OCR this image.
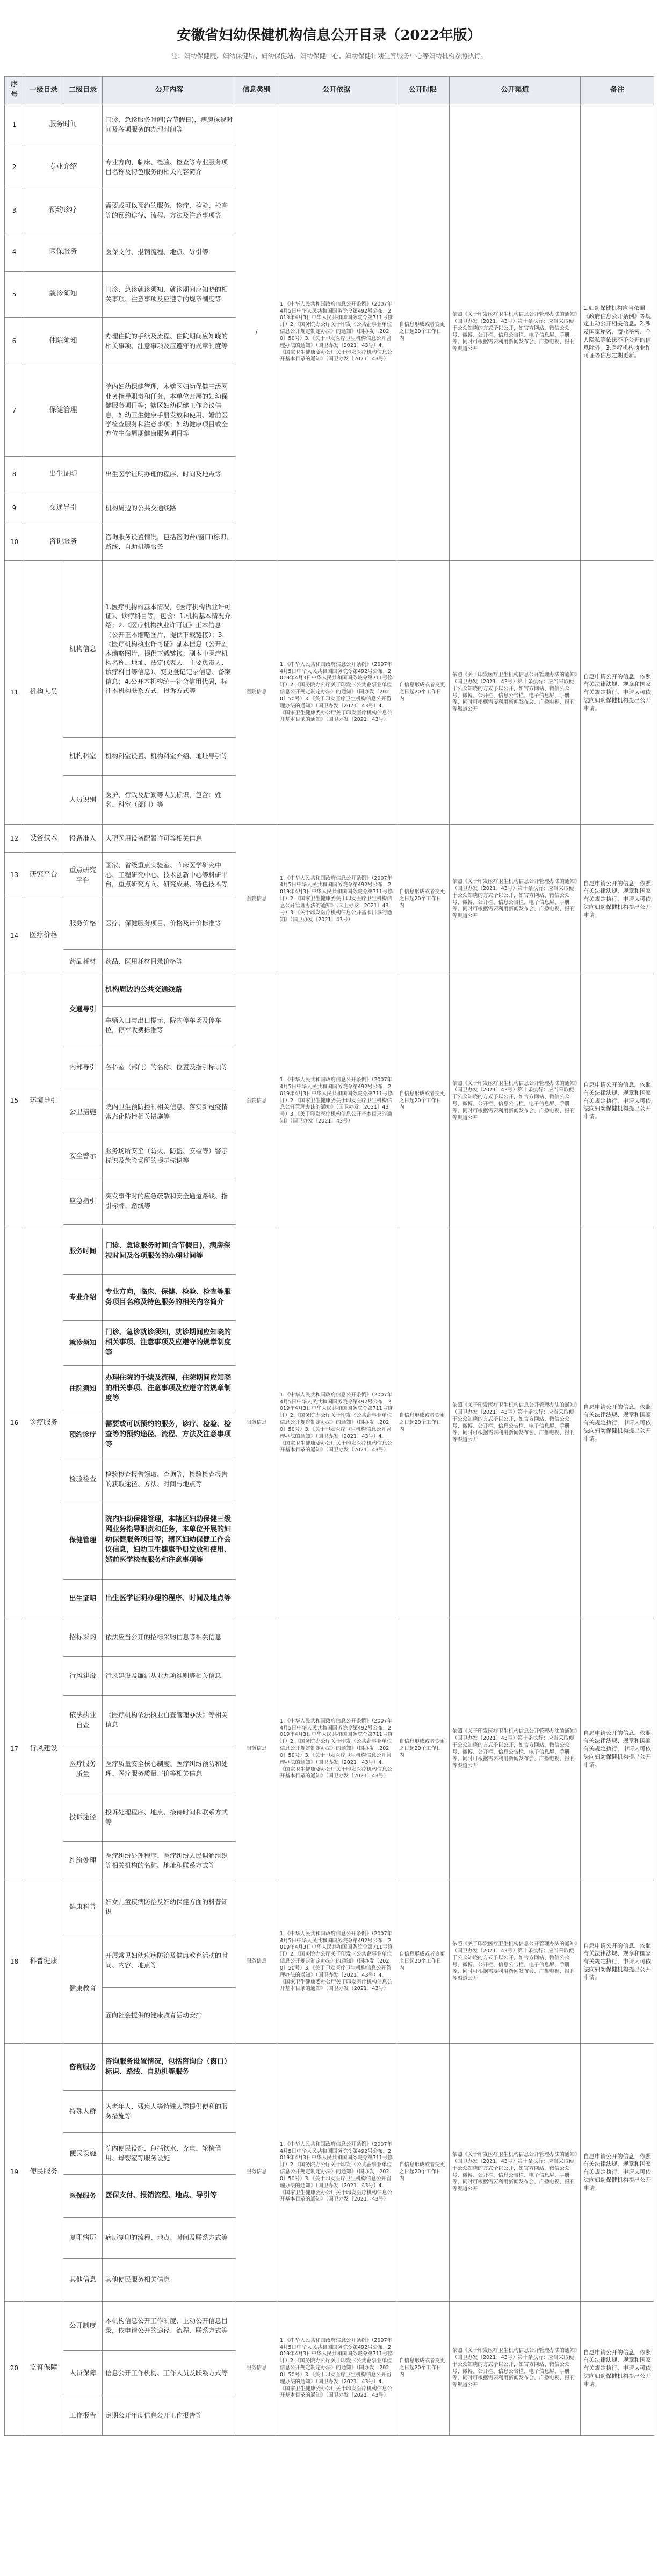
安徽省妇幼保健机构信息公开目录（2022年版）
注：妇幼保健院、妇幼保健所、妇幼保健站、妇幼保健中心、妇幼保健计划生育服务中心等妇幼机构参照执行。
序号	一级目录	二级目录	公开内容	信息类别	公开依据	公开时限	公开渠道	备注
1	服务时间		门诊、急诊服务时间(含节假日)，病房探视时间及各项服务的办理时间等	/	1.《中华人民共和国政府信息公开条例》（2007年4月5日中华人民共和国国务院令第492号公布，2019年4月3日中华人民共和国国务院令第711号修订）2.《国务院办公厅关于印发〈公共企事业单位信息公开规定制定办法〉的通知》（国办发〔2020〕50号）3.《关于印发医疗卫生机构信息公开管理办法的通知》（国卫办发〔2021〕43号）4.《国家卫生健康委办公厅关于印发医疗机构信息公开基本目录的通知》（国卫办发〔2021〕43号）	自信息形成或者变更之日起20个工作日内	依照《关于印发医疗卫生机构信息公开管理办法的通知》（国卫办发〔2021〕43号）第十条执行：应当采取便于公众知晓的方式予以公开，如官方网站、微信公众号、微博、公开栏、信息公告栏、电子信息屏、手册等，同时可根据需要利用新闻发布会、广播电视、报刊等渠道公开	1.妇幼保健机构应当依照《政府信息公开条例》等规定主动公开相关信息。2.涉及国家秘密、商业秘密、个人隐私等依法不予公开的信息除外。3.医疗机构执业许可证等信息定期更新。
2	专业介绍		专业方向，临床、检验、检查等专业服务项目名称及特色服务的相关内容简介					
3	预约诊疗		需要或可以预约的服务，诊疗、检验、检查等的预约途径、流程、方法及注意事项等					
4	医保服务		医保支付、报销流程、地点、导引等					
5	就诊须知		门诊、急诊就诊须知、就诊期间应知晓的相关事项、注意事项及应遵守的规章制度等					
6	住院须知		办理住院的手续及流程、住院期间应知晓的相关事项、注意事项及应遵守的规章制度等					
7	保健管理		院内妇幼保健管理，本辖区妇幼保健三级网业务指导职责和任务，本单位开展的妇幼保健服务项目等；辖区妇幼保健工作会议信息，妇幼卫生健康手册发放和使用、婚前医学检查服务和注意事项；妇幼健康项目或全方位生命周期健康服务项目等					
8	出生证明		出生医学证明办理的程序、时间及地点等					
9	交通导引		机构周边的公共交通线路					
10	咨询服务		咨询服务设置情况，包括咨询台(窗口)标识、路线、自助机等服务					
11	机构人员	机构信息	1.医疗机构的基本情况，《医疗机构执业许可证》、诊疗科目等，包含：1.机构基本情况介绍；2.《医疗机构执业许可证》正本信息（公开正本缩略图片，提供下载链接）；3.《医疗机构执业许可证》副本信息（公开副本缩略图片，提供下载链接；副本中医疗机构名称、地址、法定代表人、主要负责人、诊疗科目等信息）、变更登记记录信息、备案信息；4.公开本机构统一社会信用代码，标注本机构联系方式、投诉方式等	医院信息	1.《中华人民共和国政府信息公开条例》（2007年4月5日中华人民共和国国务院令第492号公布，2019年4月3日中华人民共和国国务院令第711号修订）2.《国务院办公厅关于印发〈公共企事业单位信息公开规定制定办法〉的通知》（国办发〔2020〕50号）3.《关于印发医疗卫生机构信息公开管理办法的通知》（国卫办发〔2021〕43号）4.《国家卫生健康委办公厅关于印发医疗机构信息公开基本目录的通知》（国卫办发〔2021〕43号）	自信息形成或者变更之日起20个工作日内	依照《关于印发医疗卫生机构信息公开管理办法的通知》（国卫办发〔2021〕43号）第十条执行：应当采取便于公众知晓的方式予以公开，如官方网站、微信公众号、微博、公开栏、信息公告栏、电子信息屏、手册等，同时可根据需要利用新闻发布会、广播电视、报刊等渠道公开	自愿申请公开的信息，依照有关法律法规、规章和国家有关规定执行，申请人可依法向妇幼保健机构提出公开申请。
		机构科室	机构科室设置、机构科室介绍、地址导引等					
		人员识别	医护、行政及后勤等人员标识，包含：姓名、科室（部门）等					
12	设备技术	设备准入	大型医用设备配置许可等相关信息	医院信息	1.《中华人民共和国政府信息公开条例》（2007年4月5日中华人民共和国国务院令第492号公布，2019年4月3日中华人民共和国国务院令第711号修订）2.《国家卫生健康委关于印发医疗卫生机构信息公开管理办法的通知》（国卫办发〔2021〕43号）3.《关于印发医疗机构信息公开基本目录的通知》（国卫办发〔2021〕43号）	自信息形成或者变更之日起20个工作日内	依照《关于印发医疗卫生机构信息公开管理办法的通知》（国卫办发〔2021〕43号）第十条执行：应当采取便于公众知晓的方式予以公开，如官方网站、微信公众号、微博、公开栏、信息公告栏、电子信息屏、手册等，同时可根据需要利用新闻发布会、广播电视、报刊等渠道公开	自愿申请公开的信息，依照有关法律法规、规章和国家有关规定执行，申请人可依法向妇幼保健机构提出公开申请。
13	研究平台	重点研究平台	国家、省级重点实验室、临床医学研究中心、工程研究中心、技术创新中心等科研平台，重点研究方向、研究成果、特色技术等					
14	医疗价格	服务价格	医疗、保健服务项目、价格及计价标准等					
		药品耗材	药品、医用耗材目录价格等					
15	环境导引	交通导引	机构周边的公共交通线路	医院信息	1.《中华人民共和国政府信息公开条例》（2007年4月5日中华人民共和国国务院令第492号公布，2019年4月3日中华人民共和国国务院令第711号修订）2.《国家卫生健康委关于印发医疗卫生机构信息公开管理办法的通知》（国卫办发〔2021〕43号）3.《关于印发医疗机构信息公开基本目录的通知》（国卫办发〔2021〕43号）	自信息形成或者变更之日起20个工作日内	依照《关于印发医疗卫生机构信息公开管理办法的通知》（国卫办发〔2021〕43号）第十条执行：应当采取便于公众知晓的方式予以公开，如官方网站、微信公众号、微博、公开栏、信息公告栏、电子信息屏、手册等，同时可根据需要利用新闻发布会、广播电视、报刊等渠道公开	自愿申请公开的信息，依照有关法律法规、规章和国家有关规定执行，申请人可依法向妇幼保健机构提出公开申请。
			车辆入口与出口提示，院内停车场及停车位，停车收费标准等					
		内部导引	各科室（部门）的名称、位置及指引标识等					
		公卫措施	院内卫生预防控制相关信息、落实新冠疫情常态化防控相关措施等					
		安全警示	服务场所安全（防火、防盗、安检等）警示标识及危险场所的提示标识等					
		应急指引	突发事件时的应急疏散和安全通道路线、指引标牌、路线等					

16	诊疗服务	服务时间	门诊、急诊服务时间(含节假日)，病房探视时间及各项服务的办理时间等	服务信息	1.《中华人民共和国政府信息公开条例》（2007年4月5日中华人民共和国国务院令第492号公布，2019年4月3日中华人民共和国国务院令第711号修订）2.《国务院办公厅关于印发〈公共企事业单位信息公开规定制定办法〉的通知》（国办发〔2020〕50号）3.《关于印发医疗卫生机构信息公开管理办法的通知》（国卫办发〔2021〕43号）4.《国家卫生健康委办公厅关于印发医疗机构信息公开基本目录的通知》（国卫办发〔2021〕43号）	自信息形成或者变更之日起20个工作日内	依照《关于印发医疗卫生机构信息公开管理办法的通知》（国卫办发〔2021〕43号）第十条执行：应当采取便于公众知晓的方式予以公开，如官方网站、微信公众号、微博、公开栏、信息公告栏、电子信息屏、手册等，同时可根据需要利用新闻发布会、广播电视、报刊等渠道公开	自愿申请公开的信息，依照有关法律法规、规章和国家有关规定执行，申请人可依法向妇幼保健机构提出公开申请。
		专业介绍	专业方向，临床、保健、检验、检查等服务项目名称及特色服务的相关内容简介					
		就诊须知	门诊、急诊就诊须知，就诊期间应知晓的相关事项、注意事项及应遵守的规章制度等					
		住院须知	办理住院的手续及流程，住院期间应知晓的相关事项、注意事项及应遵守的规章制度等					
		预约诊疗	需要或可以预约的服务，诊疗、检验、检查等的预约途径、流程、方法及注意事项等					
		检验检查	检验检查报告领取、查询等，检验检查报告的获取途径、方法、时间与地点等					
		保健管理	院内妇幼保健管理，本辖区妇幼保健三级网业务指导职责和任务，本单位开展的妇幼保健服务项目等；辖区妇幼保健工作会议信息，妇幼卫生健康手册发放和使用、婚前医学检查服务和注意事项等					
		出生证明	出生医学证明办理的程序、时间及地点等					
17	行风建设	招标采购	依法应当公开的招标采购信息等相关信息	服务信息	1.《中华人民共和国政府信息公开条例》（2007年4月5日中华人民共和国国务院令第492号公布，2019年4月3日中华人民共和国国务院令第711号修订）2.《国务院办公厅关于印发〈公共企事业单位信息公开规定制定办法〉的通知》（国办发〔2020〕50号）3.《关于印发医疗卫生机构信息公开管理办法的通知》（国卫办发〔2021〕43号）4.《国家卫生健康委办公厅关于印发医疗机构信息公开基本目录的通知》（国卫办发〔2021〕43号）	自信息形成或者变更之日起20个工作日内	依照《关于印发医疗卫生机构信息公开管理办法的通知》（国卫办发〔2021〕43号）第十条执行：应当采取便于公众知晓的方式予以公开，如官方网站、微信公众号、微博、公开栏、信息公告栏、电子信息屏、手册等，同时可根据需要利用新闻发布会、广播电视、报刊等渠道公开	自愿申请公开的信息，依照有关法律法规、规章和国家有关规定执行，申请人可依法向妇幼保健机构提出公开申请。
		行风建设	行风建设及廉洁从业九项准则等相关信息					
		依法执业自查	《医疗机构依法执业自查管理办法》等相关信息					
		医疗服务质量	医疗质量安全核心制度、医疗纠纷预防和处理、医疗服务质量评价等相关信息					
		投诉途径	投诉处理程序、地点、接待时间和联系方式等					
		纠纷处理	医疗纠纷处理程序、医疗纠纷人民调解组织等相关机构的名称、地址和联系方式等					
18	科普健康	健康科普	妇女儿童疾病防治及妇幼保健方面的科普知识	服务信息	1.《中华人民共和国政府信息公开条例》（2007年4月5日中华人民共和国国务院令第492号公布，2019年4月3日中华人民共和国国务院令第711号修订）2.《国务院办公厅关于印发〈公共企事业单位信息公开规定制定办法〉的通知》（国办发〔2020〕50号）3.《关于印发医疗卫生机构信息公开管理办法的通知》（国卫办发〔2021〕43号）4.《国家卫生健康委办公厅关于印发医疗机构信息公开基本目录的通知》（国卫办发〔2021〕43号）	自信息形成或者变更之日起20个工作日内	依照《关于印发医疗卫生机构信息公开管理办法的通知》（国卫办发〔2021〕43号）第十条执行：应当采取便于公众知晓的方式予以公开，如官方网站、微信公众号、微博、公开栏、信息公告栏、电子信息屏、手册等，同时可根据需要利用新闻发布会、广播电视、报刊等渠道公开	自愿申请公开的信息，依照有关法律法规、规章和国家有关规定执行，申请人可依法向妇幼保健机构提出公开申请。
		健康教育	开展常见妇幼疾病防治及健康教育活动的时间、内容、地点等					
			面向社会提供的健康教育活动安排					
19	便民服务	咨询服务	咨询服务设置情况，包括咨询台（窗口）标识、路线、自助机等服务	服务信息	1.《中华人民共和国政府信息公开条例》（2007年4月5日中华人民共和国国务院令第492号公布，2019年4月3日中华人民共和国国务院令第711号修订）2.《国务院办公厅关于印发〈公共企事业单位信息公开规定制定办法〉的通知》（国办发〔2020〕50号）3.《关于印发医疗卫生机构信息公开管理办法的通知》（国卫办发〔2021〕43号）4.《国家卫生健康委办公厅关于印发医疗机构信息公开基本目录的通知》（国卫办发〔2021〕43号）	自信息形成或者变更之日起20个工作日内	依照《关于印发医疗卫生机构信息公开管理办法的通知》（国卫办发〔2021〕43号）第十条执行：应当采取便于公众知晓的方式予以公开，如官方网站、微信公众号、微博、公开栏、信息公告栏、电子信息屏、手册等，同时可根据需要利用新闻发布会、广播电视、报刊等渠道公开	自愿申请公开的信息，依照有关法律法规、规章和国家有关规定执行，申请人可依法向妇幼保健机构提出公开申请。
		特殊人群	为老年人、残疾人等特殊人群提供便利的服务措施等					
		便民设施	院内便民设施，包括饮水、充电、轮椅借用、母婴室等服务设施					
		医保服务	医保支付、报销流程、地点、导引等					
		复印病历	病历复印的流程、地点、时间及联系方式等					
		其他信息	其他便民服务相关信息					
20	监督保障	公开制度	本机构信息公开工作制度、主动公开信息目录，依申请公开的途径、流程、联系方式等	服务信息	1.《中华人民共和国政府信息公开条例》（2007年4月5日中华人民共和国国务院令第492号公布，2019年4月3日中华人民共和国国务院令第711号修订）2.《国务院办公厅关于印发〈公共企事业单位信息公开规定制定办法〉的通知》（国办发〔2020〕50号）3.《关于印发医疗卫生机构信息公开管理办法的通知》（国卫办发〔2021〕43号）4.《国家卫生健康委办公厅关于印发医疗机构信息公开基本目录的通知》（国卫办发〔2021〕43号）	自信息形成或者变更之日起20个工作日内	依照《关于印发医疗卫生机构信息公开管理办法的通知》（国卫办发〔2021〕43号）第十条执行：应当采取便于公众知晓的方式予以公开，如官方网站、微信公众号、微博、公开栏、信息公告栏、电子信息屏、手册等，同时可根据需要利用新闻发布会、广播电视、报刊等渠道公开	自愿申请公开的信息，依照有关法律法规、规章和国家有关规定执行，申请人可依法向妇幼保健机构提出公开申请。
		人员保障	信息公开工作机构、工作人员及联系方式等					
		工作报告	定期公开年度信息公开工作报告等					
